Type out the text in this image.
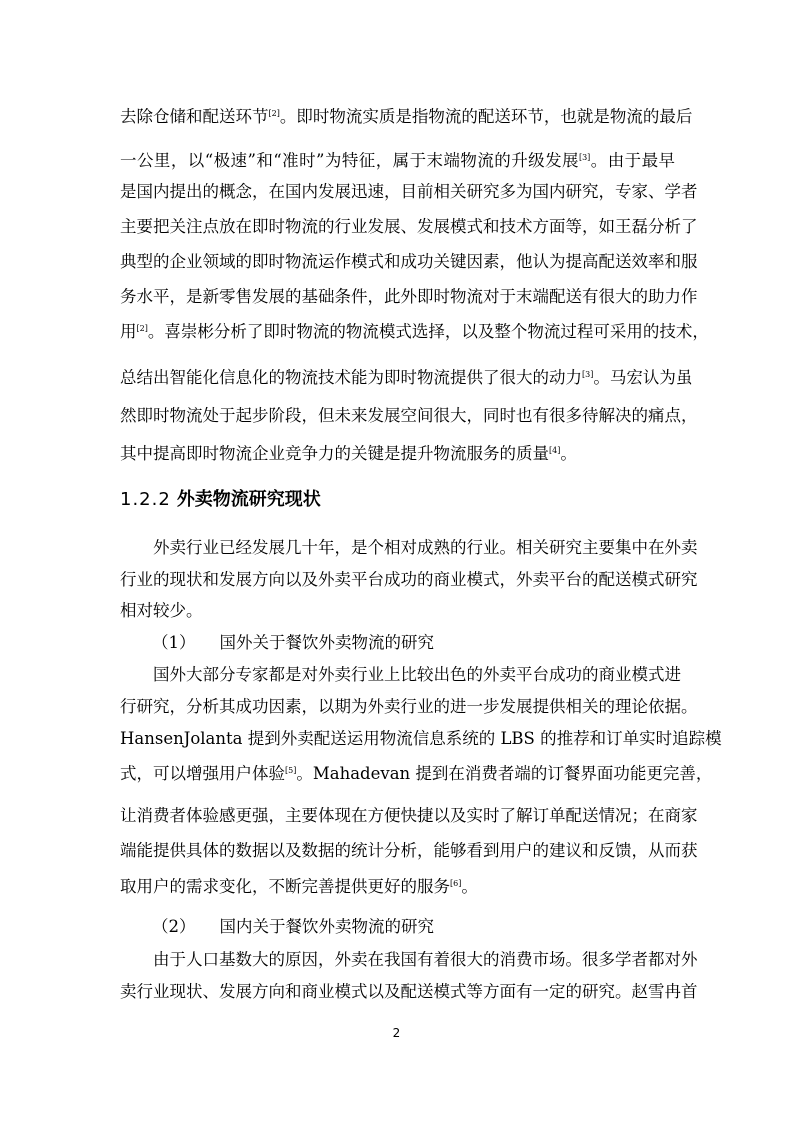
去除仓储和配送环节[2]。即时物流实质是指物流的配送环节，也就是物流的最后
一公里，以“极速”和“准时”为特征，属于末端物流的升级发展[3]。由于最早
是国内提出的概念，在国内发展迅速，目前相关研究多为国内研究，专家、学者
主要把关注点放在即时物流的行业发展、发展模式和技术方面等，如王磊分析了
典型的企业领域的即时物流运作模式和成功关键因素，他认为提高配送效率和服
务水平，是新零售发展的基础条件，此外即时物流对于末端配送有很大的助力作
用[2]。喜崇彬分析了即时物流的物流模式选择，以及整个物流过程可采用的技术，
总结出智能化信息化的物流技术能为即时物流提供了很大的动力[3]。马宏认为虽
然即时物流处于起步阶段，但未来发展空间很大，同时也有很多待解决的痛点，
其中提高即时物流企业竞争力的关键是提升物流服务的质量[4]。
1.2.2 外卖物流研究现状
外卖行业已经发展几十年，是个相对成熟的行业。相关研究主要集中在外卖
行业的现状和发展方向以及外卖平台成功的商业模式，外卖平台的配送模式研究
相对较少。
（1） 国外关于餐饮外卖物流的研究
国外大部分专家都是对外卖行业上比较出色的外卖平台成功的商业模式进
行研究，分析其成功因素，以期为外卖行业的进一步发展提供相关的理论依据。
HansenJolanta 提到外卖配送运用物流信息系统的 LBS 的推荐和订单实时追踪模
式，可以增强用户体验[5]。Mahadevan 提到在消费者端的订餐界面功能更完善，
让消费者体验感更强，主要体现在方便快捷以及实时了解订单配送情况；在商家
端能提供具体的数据以及数据的统计分析，能够看到用户的建议和反馈，从而获
取用户的需求变化，不断完善提供更好的服务[6]。
（2） 国内关于餐饮外卖物流的研究
由于人口基数大的原因，外卖在我国有着很大的消费市场。很多学者都对外
卖行业现状、发展方向和商业模式以及配送模式等方面有一定的研究。赵雪冉首
2
